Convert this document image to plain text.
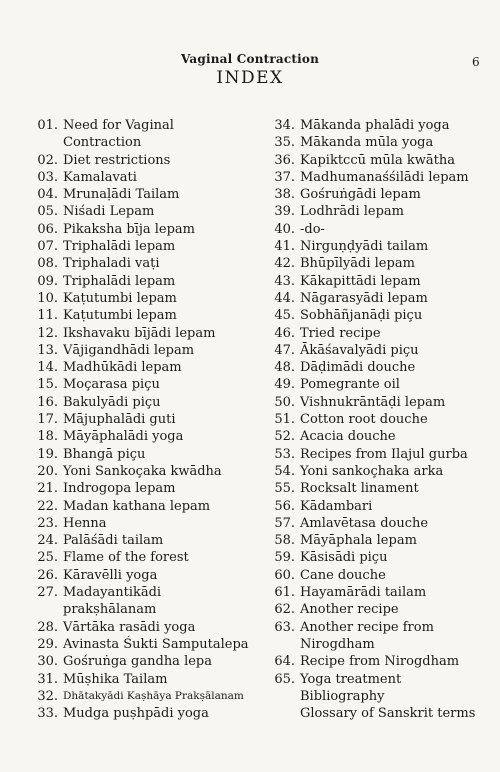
Vaginal Contraction	6
INDEX
01. Need for Vaginal
Contraction
02. Diet restrictions
03. Kamalavati
04. Mrunaḷādi Tailam
05. Niśadi Lepam
06. Pikaksha bīja lepam
07. Triphalādi lepam
08. Triphaladi vaṭi
09. Triphalādi lepam
10. Kaṭutumbi lepam
11. Kaṭutumbi lepam
12. Ikshavaku bījādi lepam
13. Vājigandhādi lepam
14. Madhūkādi lepam
15. Moçarasa piçu
16. Bakulyādi piçu
17. Mājuphalādi guti
18. Māyāphalādi yoga
19. Bhangā piçu
20. Yoni Sankoçaka kwādha
21. Indrogopa lepam
22. Madan kathana lepam
23. Henna
24. Palāśādi tailam
25. Flame of the forest
26. Kāravēlli yoga
27. Madayantikādi
prakṣhālanam
28. Vārtāka rasādi yoga
29. Avinasta Śukti Samputalepa
30. Gośruṅga gandha lepa
31. Mūṣhika Tailam
32. Dhātakyādi Kaṣhāya Prakṣālanam
33. Mudga puṣhpādi yoga
34. Mākanda phalādi yoga
35. Mākanda mūla yoga
36. Kapiktccū mūla kwātha
37. Madhumanaśśilādi lepam
38. Gośruṅgādi lepam
39. Lodhrādi lepam
40. -do-
41. Nirguṇḍyādi tailam
42. Bhūpīlyādi lepam
43. Kākapittādi lepam
44. Nāgarasyādi lepam
45. Sobhāñjanāḍi piçu
46. Tried recipe
47. Ākāśavalyādi piçu
48. Dāḍimādi douche
49. Pomegrante oil
50. Vishnukrāntāḍi lepam
51. Cotton root douche
52. Acacia douche
53. Recipes from Ilajul gurba
54. Yoni sankoçhaka arka
55. Rocksalt linament
56. Kādambari
57. Amlavētasa douche
58. Māyāphala lepam
59. Kāsisādi piçu
60. Cane douche
61. Hayamārādi tailam
62. Another recipe
63. Another recipe from
Nirogdham
64. Recipe from Nirogdham
65. Yoga treatment
Bibliography
Glossary of Sanskrit terms
